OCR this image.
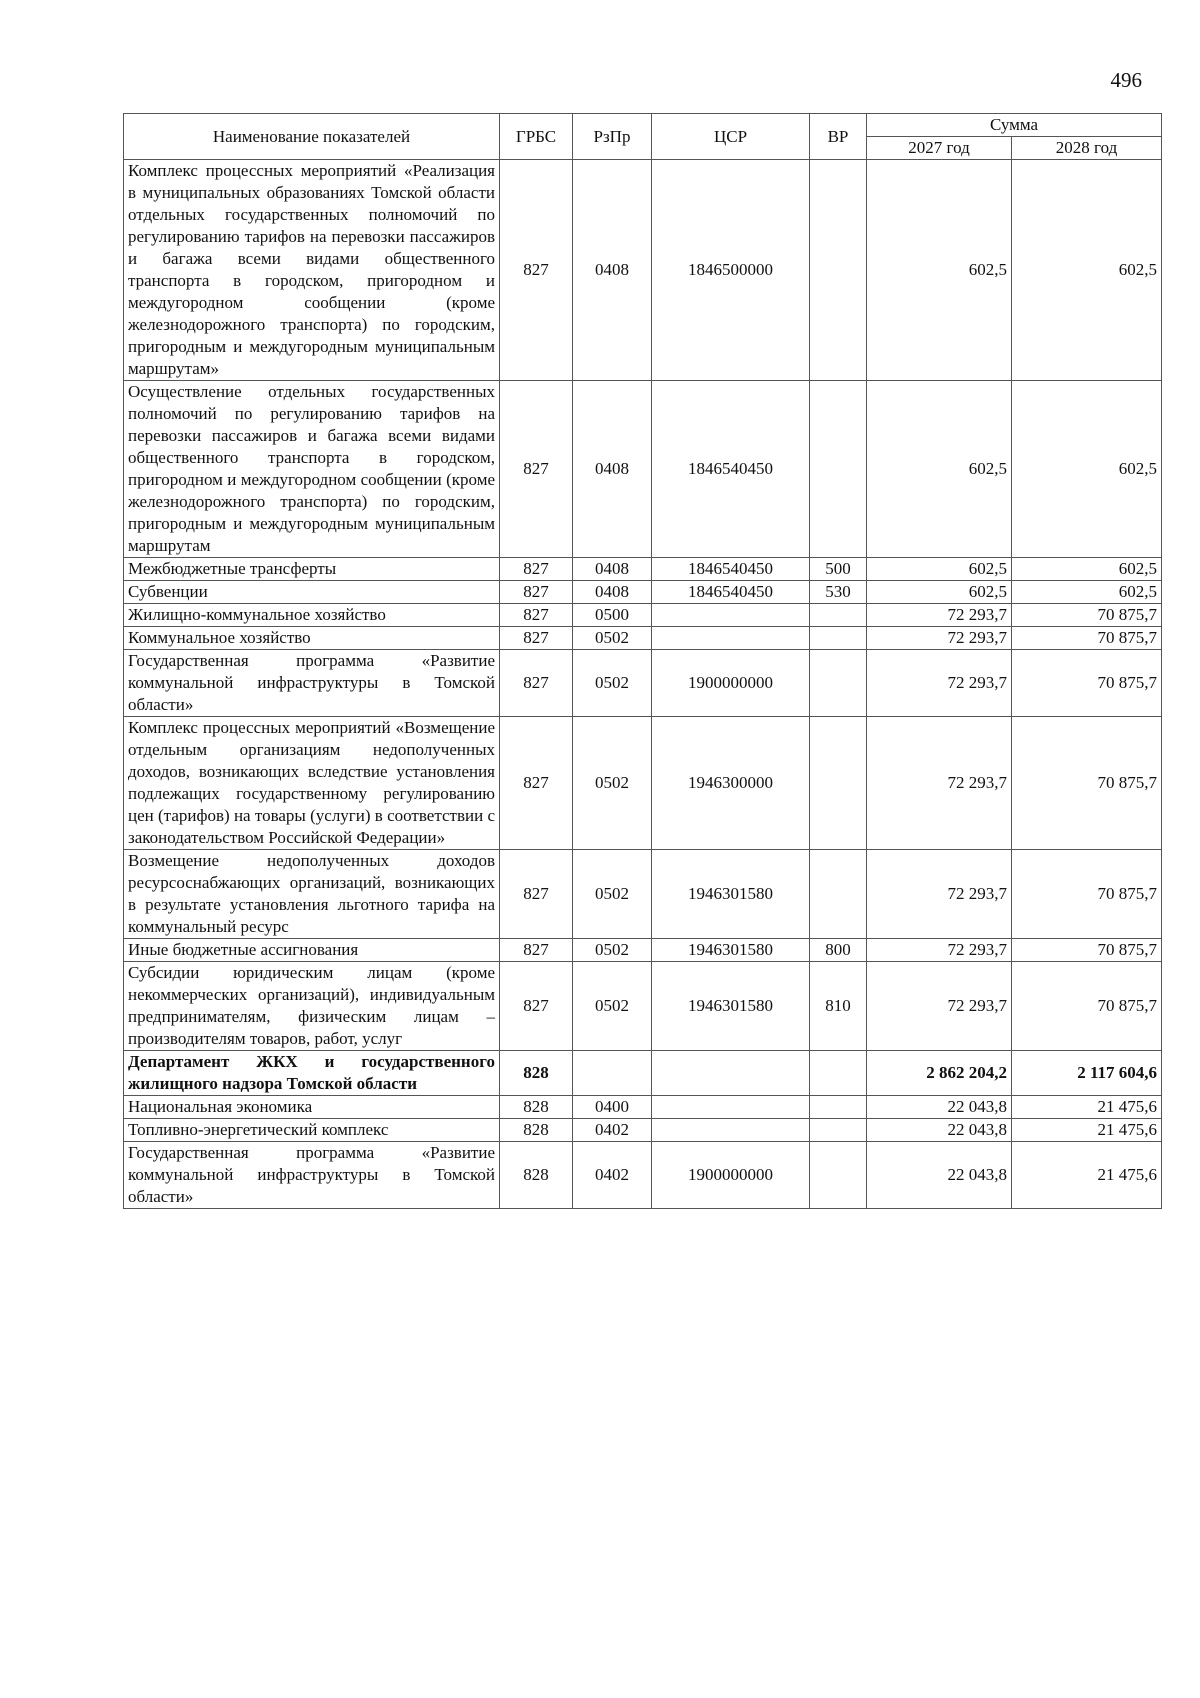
496
Наименование показателей	ГРБС	РзПр	ЦСР	ВР	Сумма	
					2027 год	2028 год
Комплекс процессных мероприятий «Реализация в муниципальных образованиях Томской области отдельных государственных полномочий по регулированию тарифов на перевозки пассажиров и багажа всеми видами общественного транспорта в городском, пригородном и междугородном сообщении (кроме железнодорожного транспорта) по городским, пригородным и междугородным муниципальным маршрутам»	827	0408	1846500000		602,5	602,5
Осуществление отдельных государственных полномочий по регулированию тарифов на перевозки пассажиров и багажа всеми видами общественного транспорта в городском, пригородном и междугородном сообщении (кроме железнодорожного транспорта) по городским, пригородным и междугородным муниципальным маршрутам	827	0408	1846540450		602,5	602,5
Межбюджетные трансферты	827	0408	1846540450	500	602,5	602,5
Субвенции	827	0408	1846540450	530	602,5	602,5
Жилищно-коммунальное хозяйство	827	0500			72 293,7	70 875,7
Коммунальное хозяйство	827	0502			72 293,7	70 875,7
Государственная программа «Развитие коммунальной инфраструктуры в Томской области»	827	0502	1900000000		72 293,7	70 875,7
Комплекс процессных мероприятий «Возмещение отдельным организациям недополученных доходов, возникающих вследствие установления подлежащих государственному регулированию цен (тарифов) на товары (услуги) в соответствии с законодательством Российской Федерации»	827	0502	1946300000		72 293,7	70 875,7
Возмещение недополученных доходов ресурсоснабжающих организаций, возникающих в результате установления льготного тарифа на коммунальный ресурс	827	0502	1946301580		72 293,7	70 875,7
Иные бюджетные ассигнования	827	0502	1946301580	800	72 293,7	70 875,7
Субсидии юридическим лицам (кроме некоммерческих организаций), индивидуальным предпринимателям, физическим лицам – производителям товаров, работ, услуг	827	0502	1946301580	810	72 293,7	70 875,7
Департамент ЖКХ и государственного жилищного надзора Томской области	828				2 862 204,2	2 117 604,6
Национальная экономика	828	0400			22 043,8	21 475,6
Топливно-энергетический комплекс	828	0402			22 043,8	21 475,6
Государственная программа «Развитие коммунальной инфраструктуры в Томской области»	828	0402	1900000000		22 043,8	21 475,6
